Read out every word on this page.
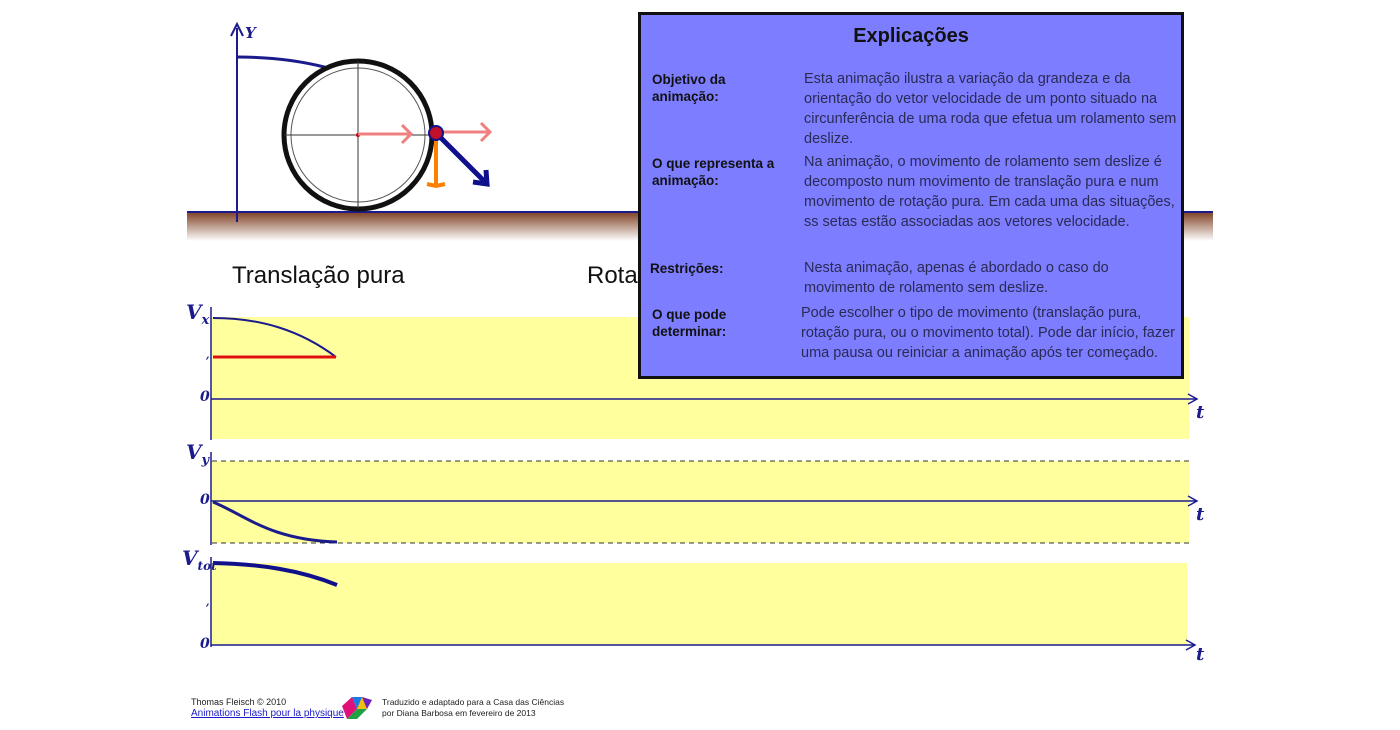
Y
$V_x$
0
,
t
$V_y$
0
t
$V_{tot}$
,
0	t
Translação pura	Rota
Explicações
Objetivo da animação:
Esta animação ilustra a variação da grandeza e da orientação do vetor velocidade de um ponto situado na circunferência de uma roda que efetua um rolamento sem deslize.
O que representa a animação:
Na animação, o movimento de rolamento sem deslize é decomposto num movimento de translação pura e num movimento de rotação pura. Em cada uma das situações, ss setas estão associadas aos vetores velocidade.
Restrições:	Nesta animação, apenas é abordado o caso do movimento de rolamento sem deslize.
O que pode determinar:
Pode escolher o tipo de movimento (translação pura, rotação pura, ou o movimento total). Pode dar início, fazer uma pausa ou reiniciar a animação após ter começado.
Thomas Fleisch © 2010
Animations Flash pour la physique
Traduzido e adaptado para a Casa das Ciências
por Diana Barbosa em fevereiro de 2013
